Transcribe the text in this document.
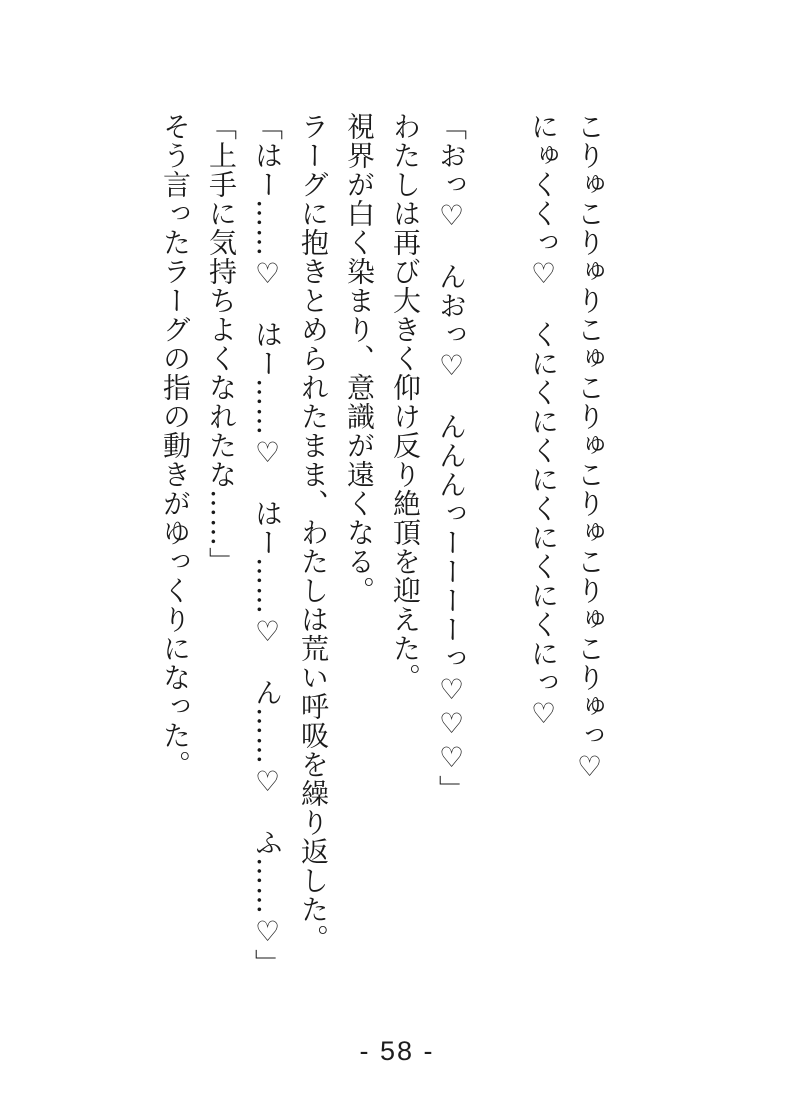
こりゅこりゅりこゅこりゅこりゅこりゅこりゅっ♡

にゅくくっ♡　くにくにくにくにくにくにっ♡

「おっ♡　んおっ♡　んんんっーーーーっ♡♡♡」

わたしは再び大きく仰け反り絶頂を迎えた。

視界が白く染まり、意識が遠くなる。

ラーグに抱きとめられたまま、わたしは荒い呼吸を繰り返した。

「はー……♡　はー……♡　はー……♡　ん……♡　ふ……♡」

「上手に気持ちよくなれたな……」

そう言ったラーグの指の動きがゆっくりになった。

- 58 -
